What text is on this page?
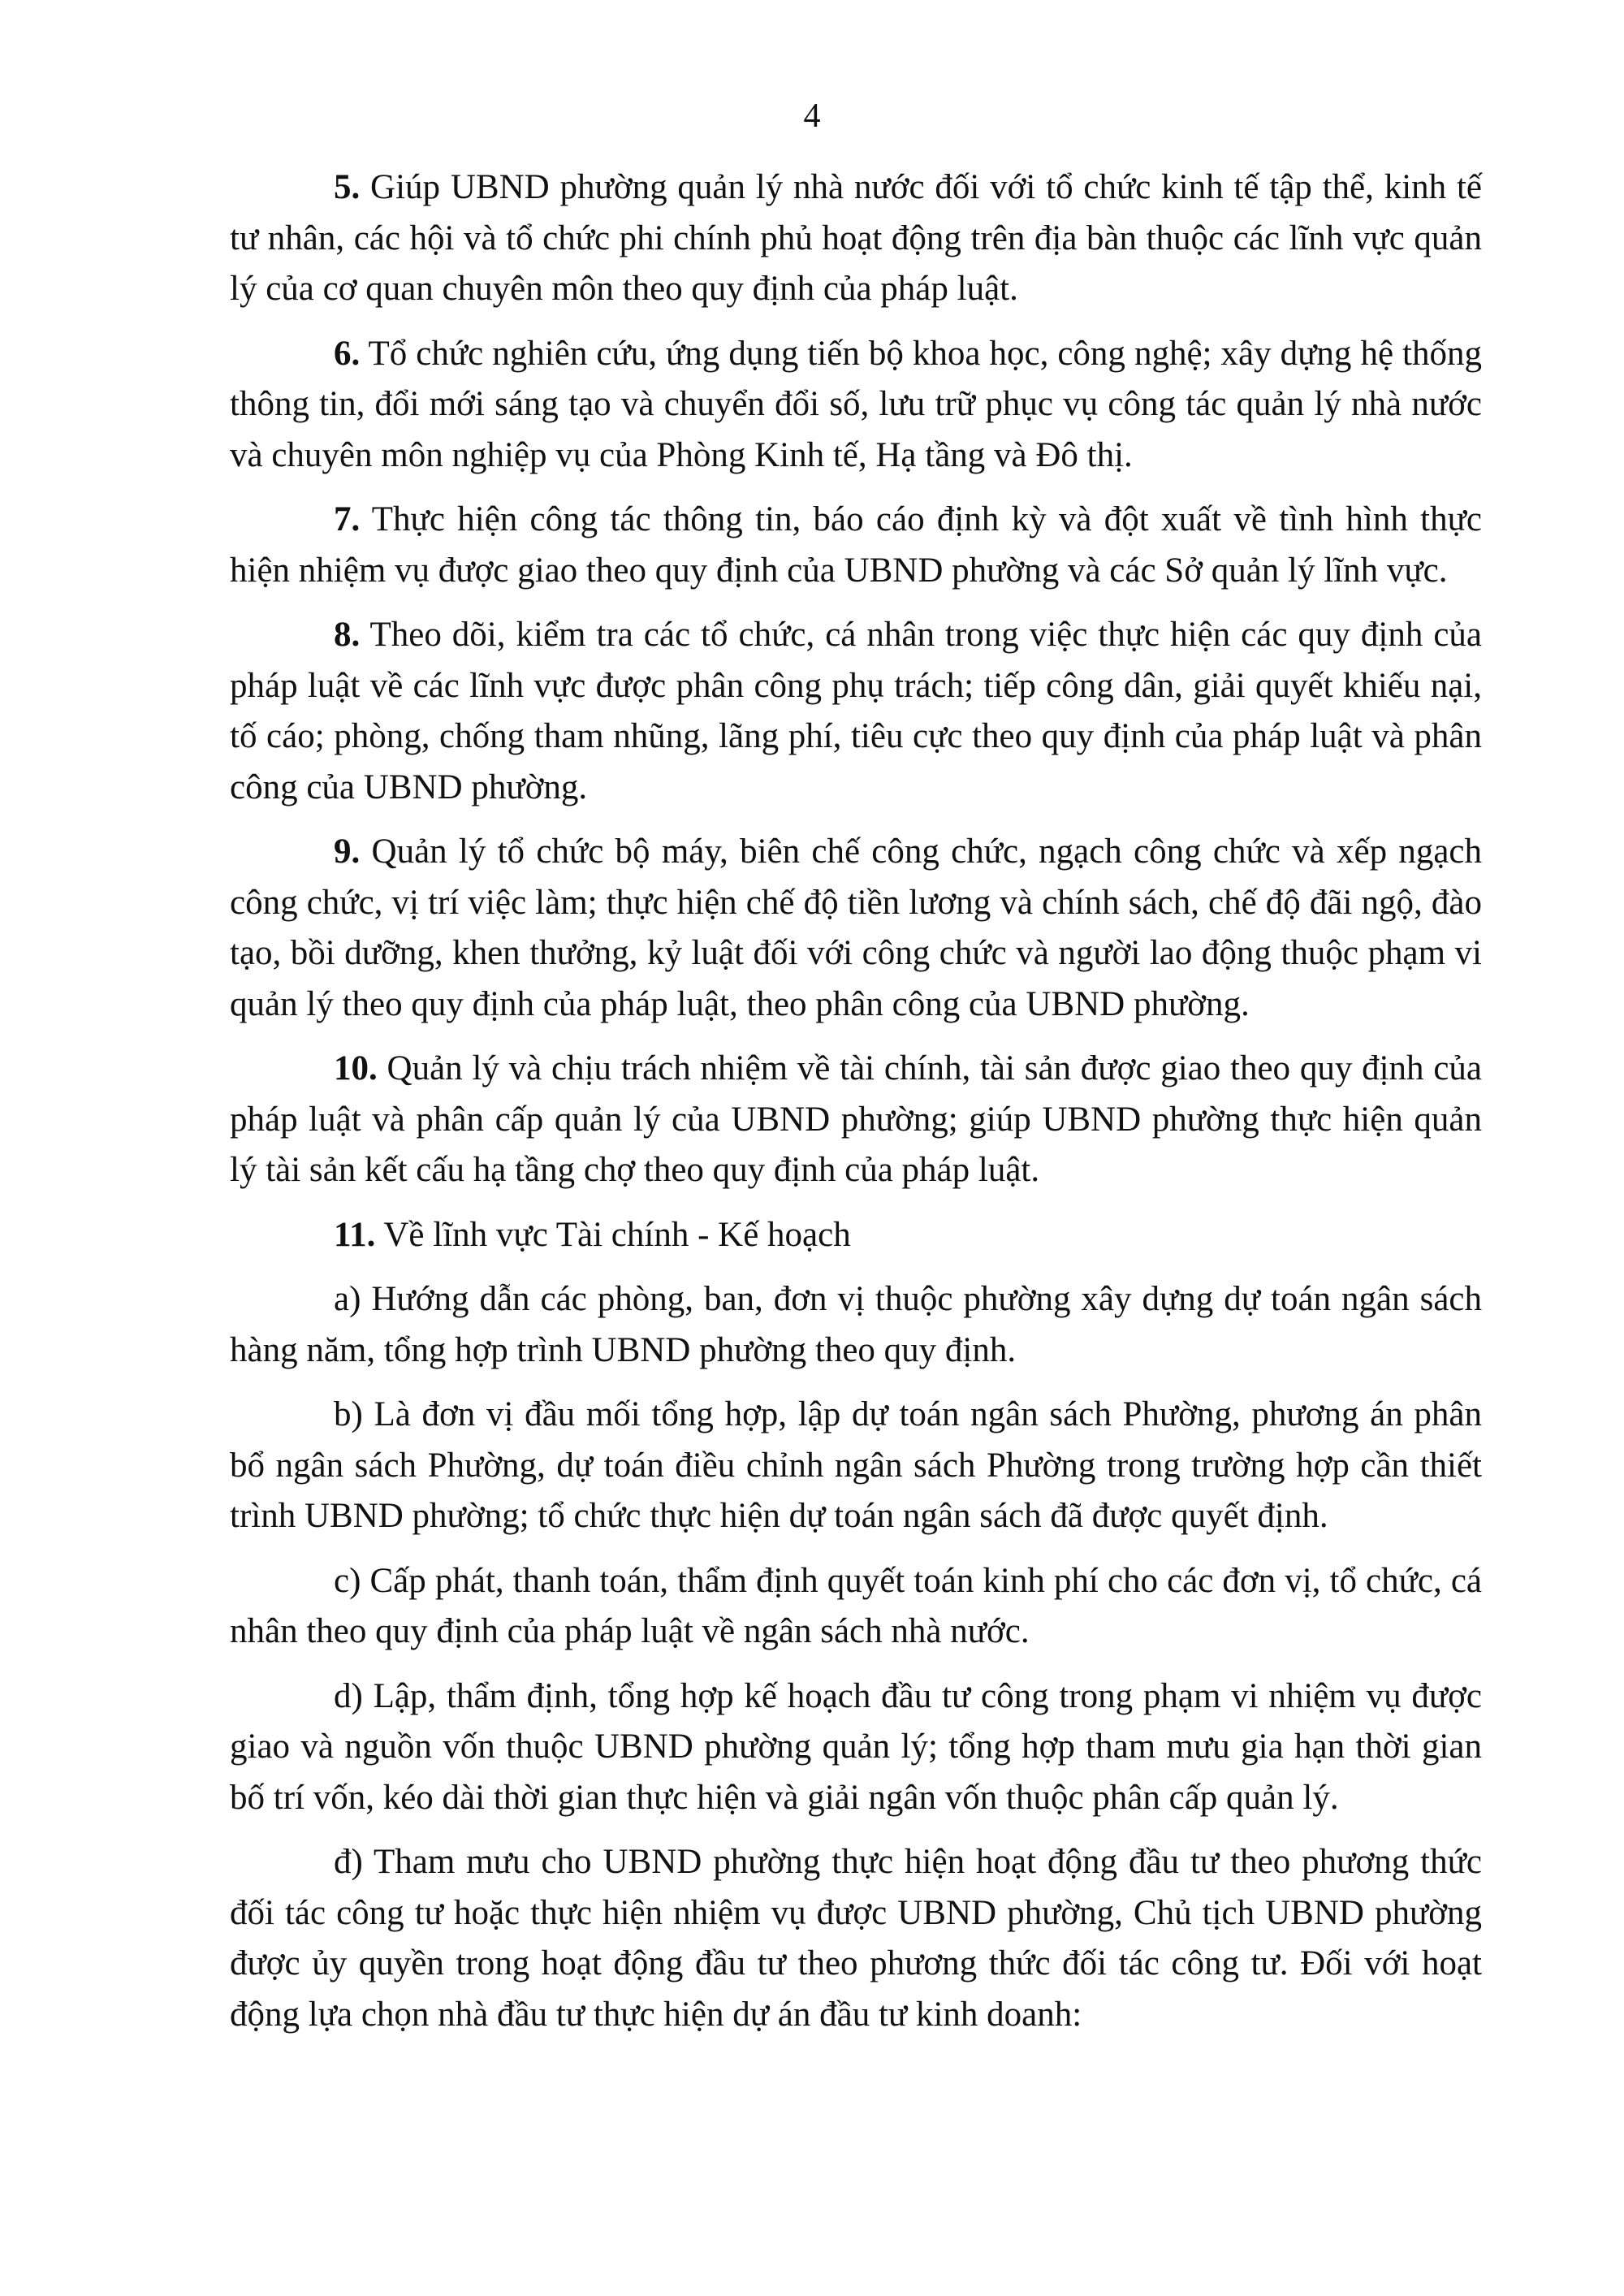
4

5. Giúp UBND phường quản lý nhà nước đối với tổ chức kinh tế tập thể, kinh tế tư nhân, các hội và tổ chức phi chính phủ hoạt động trên địa bàn thuộc các lĩnh vực quản lý của cơ quan chuyên môn theo quy định của pháp luật.

6. Tổ chức nghiên cứu, ứng dụng tiến bộ khoa học, công nghệ; xây dựng hệ thống thông tin, đổi mới sáng tạo và chuyển đổi số, lưu trữ phục vụ công tác quản lý nhà nước và chuyên môn nghiệp vụ của Phòng Kinh tế, Hạ tầng và Đô thị.

7. Thực hiện công tác thông tin, báo cáo định kỳ và đột xuất về tình hình thực hiện nhiệm vụ được giao theo quy định của UBND phường và các Sở quản lý lĩnh vực.

8. Theo dõi, kiểm tra các tổ chức, cá nhân trong việc thực hiện các quy định của pháp luật về các lĩnh vực được phân công phụ trách; tiếp công dân, giải quyết khiếu nại, tố cáo; phòng, chống tham nhũng, lãng phí, tiêu cực theo quy định của pháp luật và phân công của UBND phường.

9. Quản lý tổ chức bộ máy, biên chế công chức, ngạch công chức và xếp ngạch công chức, vị trí việc làm; thực hiện chế độ tiền lương và chính sách, chế độ đãi ngộ, đào tạo, bồi dưỡng, khen thưởng, kỷ luật đối với công chức và người lao động thuộc phạm vi quản lý theo quy định của pháp luật, theo phân công của UBND phường.

10. Quản lý và chịu trách nhiệm về tài chính, tài sản được giao theo quy định của pháp luật và phân cấp quản lý của UBND phường; giúp UBND phường thực hiện quản lý tài sản kết cấu hạ tầng chợ theo quy định của pháp luật.

11. Về lĩnh vực Tài chính - Kế hoạch

a) Hướng dẫn các phòng, ban, đơn vị thuộc phường xây dựng dự toán ngân sách hàng năm, tổng hợp trình UBND phường theo quy định.

b) Là đơn vị đầu mối tổng hợp, lập dự toán ngân sách Phường, phương án phân bổ ngân sách Phường, dự toán điều chỉnh ngân sách Phường trong trường hợp cần thiết trình UBND phường; tổ chức thực hiện dự toán ngân sách đã được quyết định.

c) Cấp phát, thanh toán, thẩm định quyết toán kinh phí cho các đơn vị, tổ chức, cá nhân theo quy định của pháp luật về ngân sách nhà nước.

d) Lập, thẩm định, tổng hợp kế hoạch đầu tư công trong phạm vi nhiệm vụ được giao và nguồn vốn thuộc UBND phường quản lý; tổng hợp tham mưu gia hạn thời gian bố trí vốn, kéo dài thời gian thực hiện và giải ngân vốn thuộc phân cấp quản lý.

đ) Tham mưu cho UBND phường thực hiện hoạt động đầu tư theo phương thức đối tác công tư hoặc thực hiện nhiệm vụ được UBND phường, Chủ tịch UBND phường được ủy quyền trong hoạt động đầu tư theo phương thức đối tác công tư. Đối với hoạt động lựa chọn nhà đầu tư thực hiện dự án đầu tư kinh doanh:
